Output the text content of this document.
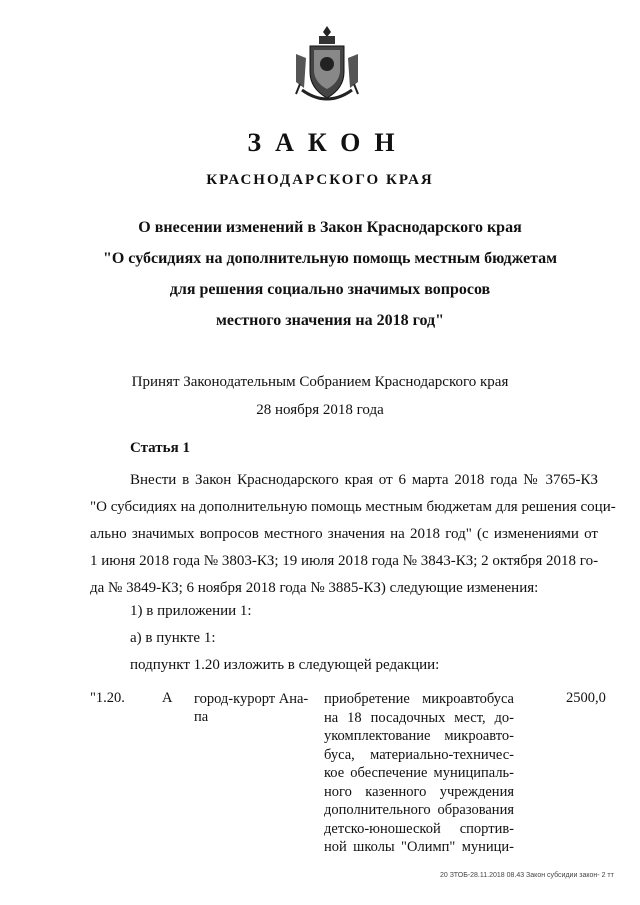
ЗАКОН
КРАСНОДАРСКОГО КРАЯ
О внесении изменений в Закон Краснодарского края
"О субсидиях на дополнительную помощь местным бюджетам
для решения социально значимых вопросов
местного значения на 2018 год"
Принят Законодательным Собранием Краснодарского края
28 ноября 2018 года
Статья 1
Внести в Закон Краснодарского края от 6 марта 2018 года № 3765-КЗ
"О субсидиях на дополнительную помощь местным бюджетам для решения соци-
ально значимых вопросов местного значения на 2018 год" (с изменениями от
1 июня 2018 года № 3803-КЗ; 19 июля 2018 года № 3843-КЗ; 2 октября 2018 го-
да № 3849-КЗ; 6 ноября 2018 года № 3885-КЗ) следующие изменения:
1) в приложении 1:
а) в пункте 1:
подпункт 1.20 изложить в следующей редакции:
"1.20.	А город-курорт Ана-
па
приобретение микроавтобуса
на 18 посадочных мест, до-
укомплектование микроавто-
буса, материально-техничес-
кое обеспечение муниципаль-
ного казенного учреждения
дополнительного образования
детско-юношеской спортив-
ной школы "Олимп" муници-
2500,0
20 ЗТОБ-28.11.2018 08.43 Закон субсидии закон- 2 тт
